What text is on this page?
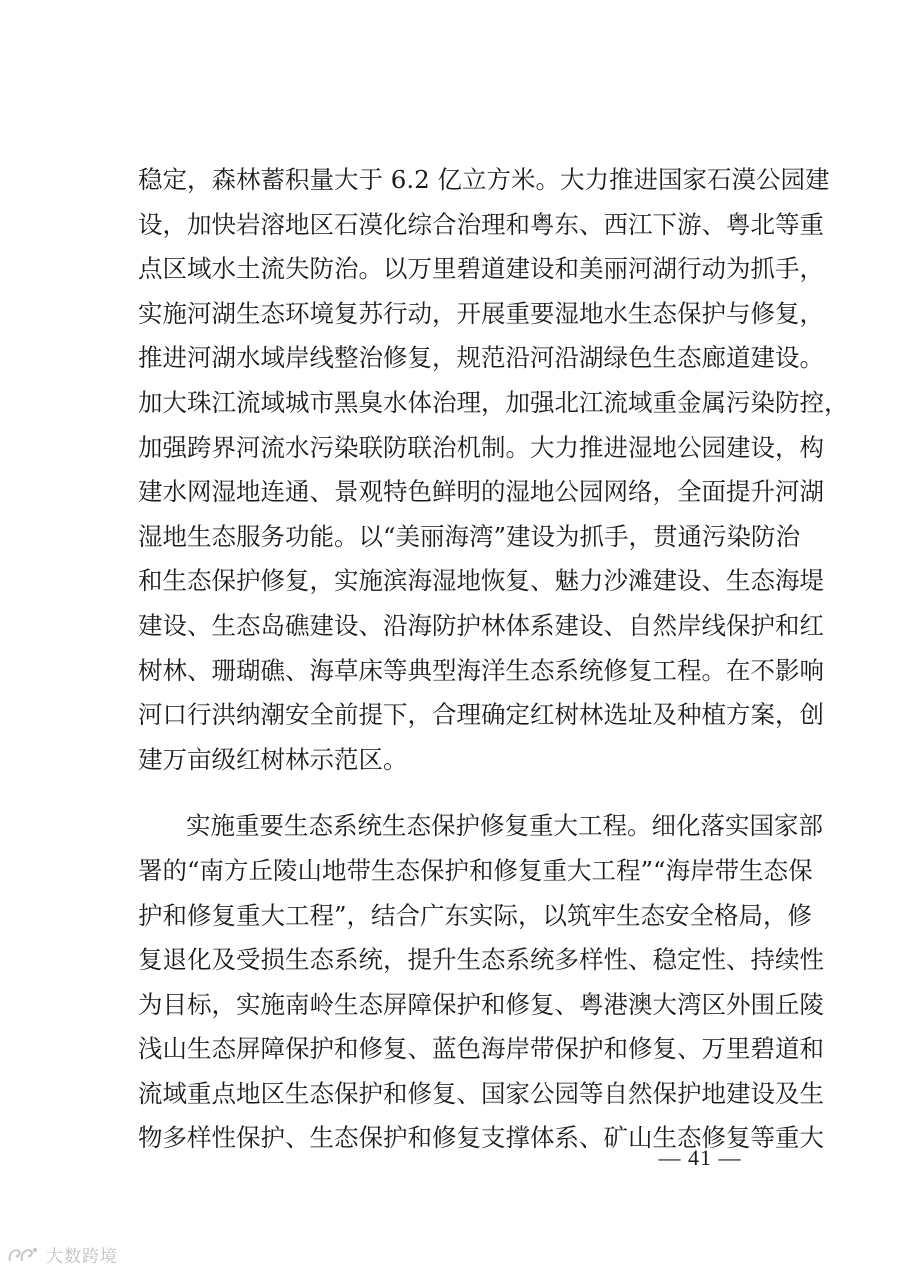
稳定，森林蓄积量大于 6.2 亿立方米。大力推进国家石漠公园建
设，加快岩溶地区石漠化综合治理和粤东、西江下游、粤北等重
点区域水土流失防治。以万里碧道建设和美丽河湖行动为抓手，
实施河湖生态环境复苏行动，开展重要湿地水生态保护与修复，
推进河湖水域岸线整治修复，规范沿河沿湖绿色生态廊道建设。
加大珠江流域城市黑臭水体治理，加强北江流域重金属污染防控，
加强跨界河流水污染联防联治机制。大力推进湿地公园建设，构
建水网湿地连通、景观特色鲜明的湿地公园网络，全面提升河湖
湿地生态服务功能。以“美丽海湾”建设为抓手，贯通污染防治
和生态保护修复，实施滨海湿地恢复、魅力沙滩建设、生态海堤
建设、生态岛礁建设、沿海防护林体系建设、自然岸线保护和红
树林、珊瑚礁、海草床等典型海洋生态系统修复工程。在不影响
河口行洪纳潮安全前提下，合理确定红树林选址及种植方案，创
建万亩级红树林示范区。
实施重要生态系统生态保护修复重大工程。细化落实国家部
署的“南方丘陵山地带生态保护和修复重大工程”“海岸带生态保
护和修复重大工程”，结合广东实际，以筑牢生态安全格局，修
复退化及受损生态系统，提升生态系统多样性、稳定性、持续性
为目标，实施南岭生态屏障保护和修复、粤港澳大湾区外围丘陵
浅山生态屏障保护和修复、蓝色海岸带保护和修复、万里碧道和
流域重点地区生态保护和修复、国家公园等自然保护地建设及生
物多样性保护、生态保护和修复支撑体系、矿山生态修复等重大
— 41 —
大数跨境
